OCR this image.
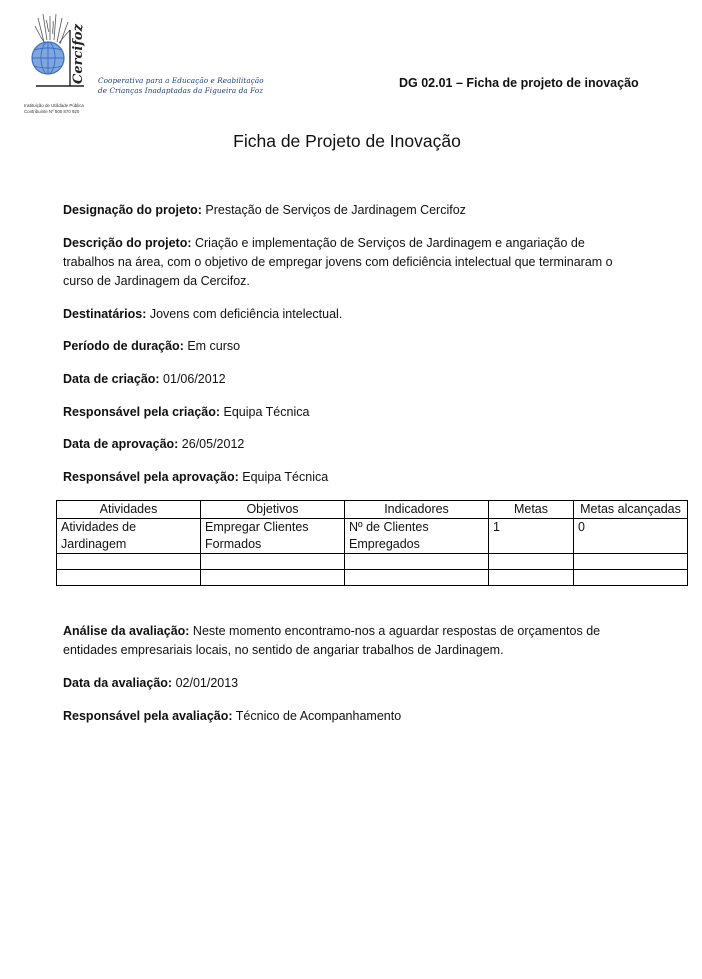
Cercifoz Cooperativa para a Educação e Reabilitação
de Crianças Inadaptadas da Figueira da Foz
Instituição de Utilidade Pública
Contribuinte Nº 500 870 920
DG 02.01 – Ficha de projeto de inovação
Ficha de Projeto de Inovação
Designação do projeto: Prestação de Serviços de Jardinagem Cercifoz
Descrição do projeto: Criação e implementação de Serviços de Jardinagem e angariação de trabalhos na área, com o objetivo de empregar jovens com deficiência intelectual que terminaram o curso de Jardinagem da Cercifoz.
Destinatários: Jovens com deficiência intelectual.
Período de duração: Em curso
Data de criação: 01/06/2012
Responsável pela criação: Equipa Técnica
Data de aprovação: 26/05/2012
Responsável pela aprovação: Equipa Técnica
Atividades	Objetivos	Indicadores	Metas	Metas alcançadas
Atividades de Jardinagem	Empregar Clientes Formados	Nº de Clientes Empregados	1	0

Análise da avaliação: Neste momento encontramo-nos a aguardar respostas de orçamentos de entidades empresariais locais, no sentido de angariar trabalhos de Jardinagem.
Data da avaliação: 02/01/2013
Responsável pela avaliação: Técnico de Acompanhamento
